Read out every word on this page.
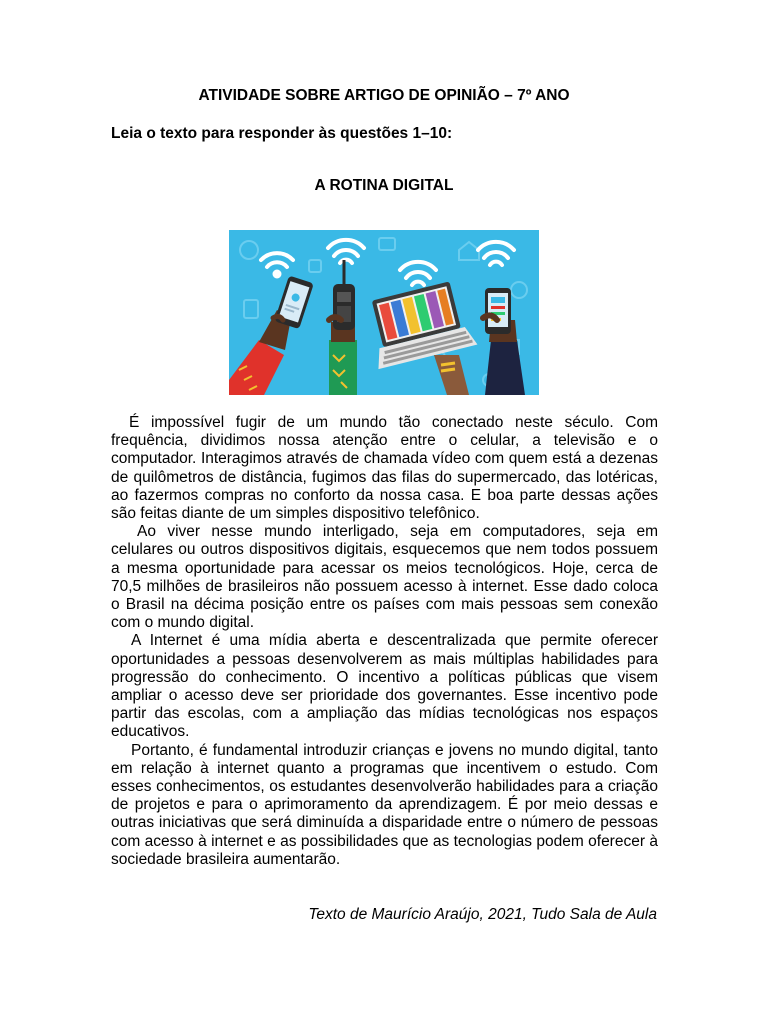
ATIVIDADE SOBRE ARTIGO DE OPINIÃO – 7º ANO

Leia o texto para responder às questões 1–10:

A ROTINA DIGITAL

É impossível fugir de um mundo tão conectado neste século. Com frequência, dividimos nossa atenção entre o celular, a televisão e o computador. Interagimos através de chamada vídeo com quem está a dezenas de quilômetros de distância, fugimos das filas do supermercado, das lotéricas, ao fazermos compras no conforto da nossa casa. E boa parte dessas ações são feitas diante de um simples dispositivo telefônico.

Ao viver nesse mundo interligado, seja em computadores, seja em celulares ou outros dispositivos digitais, esquecemos que nem todos possuem a mesma oportunidade para acessar os meios tecnológicos. Hoje, cerca de 70,5 milhões de brasileiros não possuem acesso à internet. Esse dado coloca o Brasil na décima posição entre os países com mais pessoas sem conexão com o mundo digital.

A Internet é uma mídia aberta e descentralizada que permite oferecer oportunidades a pessoas desenvolverem as mais múltiplas habilidades para progressão do conhecimento. O incentivo a políticas públicas que visem ampliar o acesso deve ser prioridade dos governantes. Esse incentivo pode partir das escolas, com a ampliação das mídias tecnológicas nos espaços educativos.

Portanto, é fundamental introduzir crianças e jovens no mundo digital, tanto em relação à internet quanto a programas que incentivem o estudo. Com esses conhecimentos, os estudantes desenvolverão habilidades para a criação de projetos e para o aprimoramento da aprendizagem. É por meio dessas e outras iniciativas que será diminuída a disparidade entre o número de pessoas com acesso à internet e as possibilidades que as tecnologias podem oferecer à sociedade brasileira aumentarão.

Texto de Maurício Araújo, 2021, Tudo Sala de Aula
